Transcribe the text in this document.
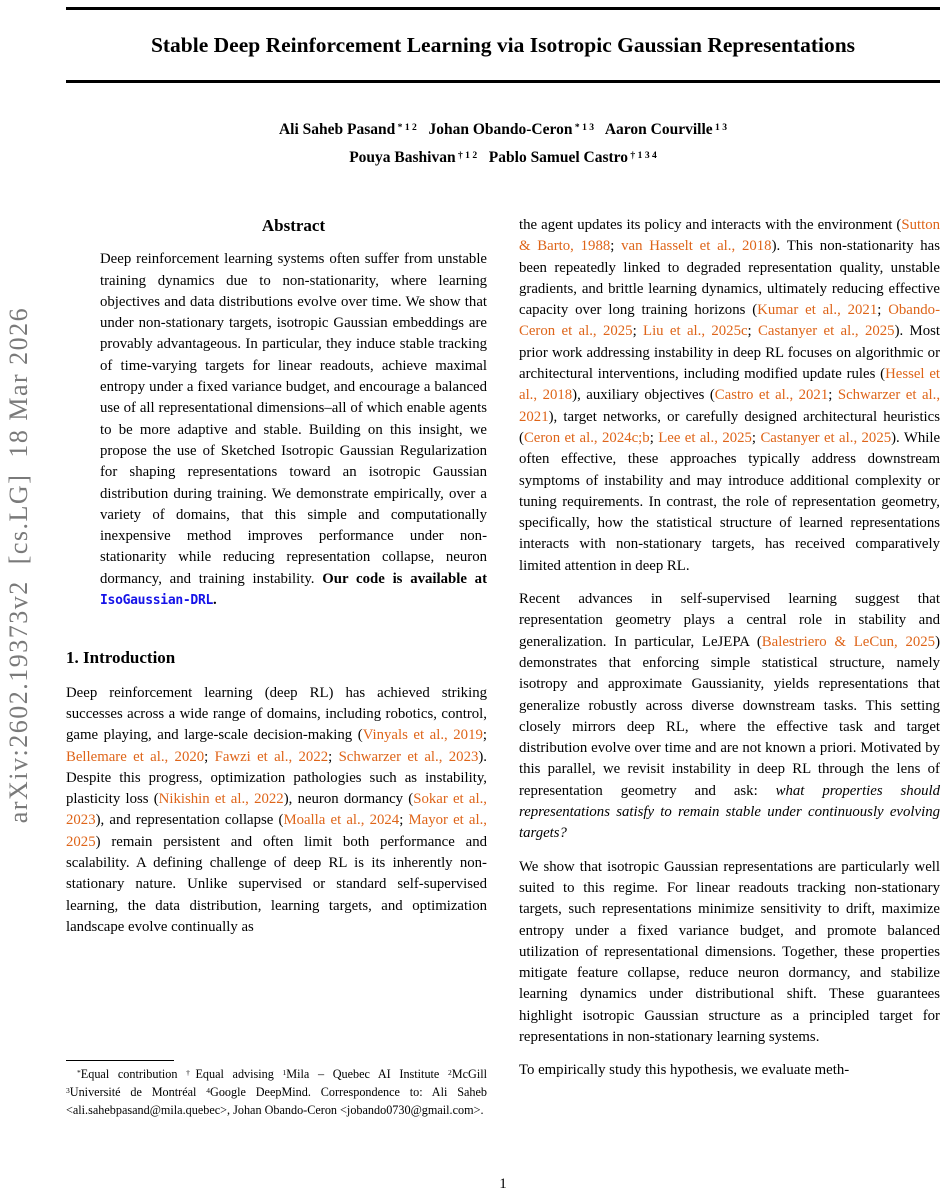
arXiv:2602.19373v2  [cs.LG]  18 Mar 2026
Stable Deep Reinforcement Learning via Isotropic Gaussian Representations
Ali Saheb Pasand $^{* 1 2}$ Johan Obando-Ceron $^{* 1 3}$ Aaron Courville $^{1 3}$
Pouya Bashivan $^{\dagger 1 2}$ Pablo Samuel Castro $^{\dagger 1 3 4}$
Abstract

Deep reinforcement learning systems often suffer from unstable training dynamics due to non-stationarity, where learning objectives and data distributions evolve over time. We show that under non-stationary targets, isotropic Gaussian embeddings are provably advantageous. In particular, they induce stable tracking of time-varying targets for linear readouts, achieve maximal entropy under a fixed variance budget, and encourage a balanced use of all representational dimensions–all of which enable agents to be more adaptive and stable. Building on this insight, we propose the use of Sketched Isotropic Gaussian Regularization for shaping representations toward an isotropic Gaussian distribution during training. We demonstrate empirically, over a variety of domains, that this simple and computationally inexpensive method improves performance under non-stationarity while reducing representation collapse, neuron dormancy, and training instability. Our code is available at IsoGaussian-DRL.

1. Introduction

Deep reinforcement learning (deep RL) has achieved striking successes across a wide range of domains, including robotics, control, game playing, and large-scale decision-making (Vinyals et al., 2019; Bellemare et al., 2020; Fawzi et al., 2022; Schwarzer et al., 2023). Despite this progress, optimization pathologies such as instability, plasticity loss (Nikishin et al., 2022), neuron dormancy (Sokar et al., 2023), and representation collapse (Moalla et al., 2024; Mayor et al., 2025) remain persistent and often limit both performance and scalability. A defining challenge of deep RL is its inherently non-stationary nature. Unlike supervised or standard self-supervised learning, the data distribution, learning targets, and optimization landscape evolve continually as

the agent updates its policy and interacts with the environment (Sutton & Barto, 1988; van Hasselt et al., 2018). This non-stationarity has been repeatedly linked to degraded representation quality, unstable gradients, and brittle learning dynamics, ultimately reducing effective capacity over long training horizons (Kumar et al., 2021; Obando-Ceron et al., 2025; Liu et al., 2025c; Castanyer et al., 2025). Most prior work addressing instability in deep RL focuses on algorithmic or architectural interventions, including modified update rules (Hessel et al., 2018), auxiliary objectives (Castro et al., 2021; Schwarzer et al., 2021), target networks, or carefully designed architectural heuristics (Ceron et al., 2024c;b; Lee et al., 2025; Castanyer et al., 2025). While often effective, these approaches typically address downstream symptoms of instability and may introduce additional complexity or tuning requirements. In contrast, the role of representation geometry, specifically, how the statistical structure of learned representations interacts with non-stationary targets, has received comparatively limited attention in deep RL.

Recent advances in self-supervised learning suggest that representation geometry plays a central role in stability and generalization. In particular, LeJEPA (Balestriero & LeCun, 2025) demonstrates that enforcing simple statistical structure, namely isotropy and approximate Gaussianity, yields representations that generalize robustly across diverse downstream tasks. This setting closely mirrors deep RL, where the effective task and target distribution evolve over time and are not known a priori. Motivated by this parallel, we revisit instability in deep RL through the lens of representation geometry and ask: what properties should representations satisfy to remain stable under continuously evolving targets?

We show that isotropic Gaussian representations are particularly well suited to this regime. For linear readouts tracking non-stationary targets, such representations minimize sensitivity to drift, maximize entropy under a fixed variance budget, and promote balanced utilization of representational dimensions. Together, these properties mitigate feature collapse, reduce neuron dormancy, and stabilize learning dynamics under distributional shift. These guarantees highlight isotropic Gaussian structure as a principled target for representations in non-stationary learning systems.

To empirically study this hypothesis, we evaluate meth-

*Equal contribution †Equal advising $^1$Mila – Quebec AI Institute $^2$McGill $^3$Université de Montréal $^4$Google DeepMind. Correspondence to: Ali Saheb <ali.sahebpasand@mila.quebec>, Johan Obando-Ceron <jobando0730@gmail.com>.

1
